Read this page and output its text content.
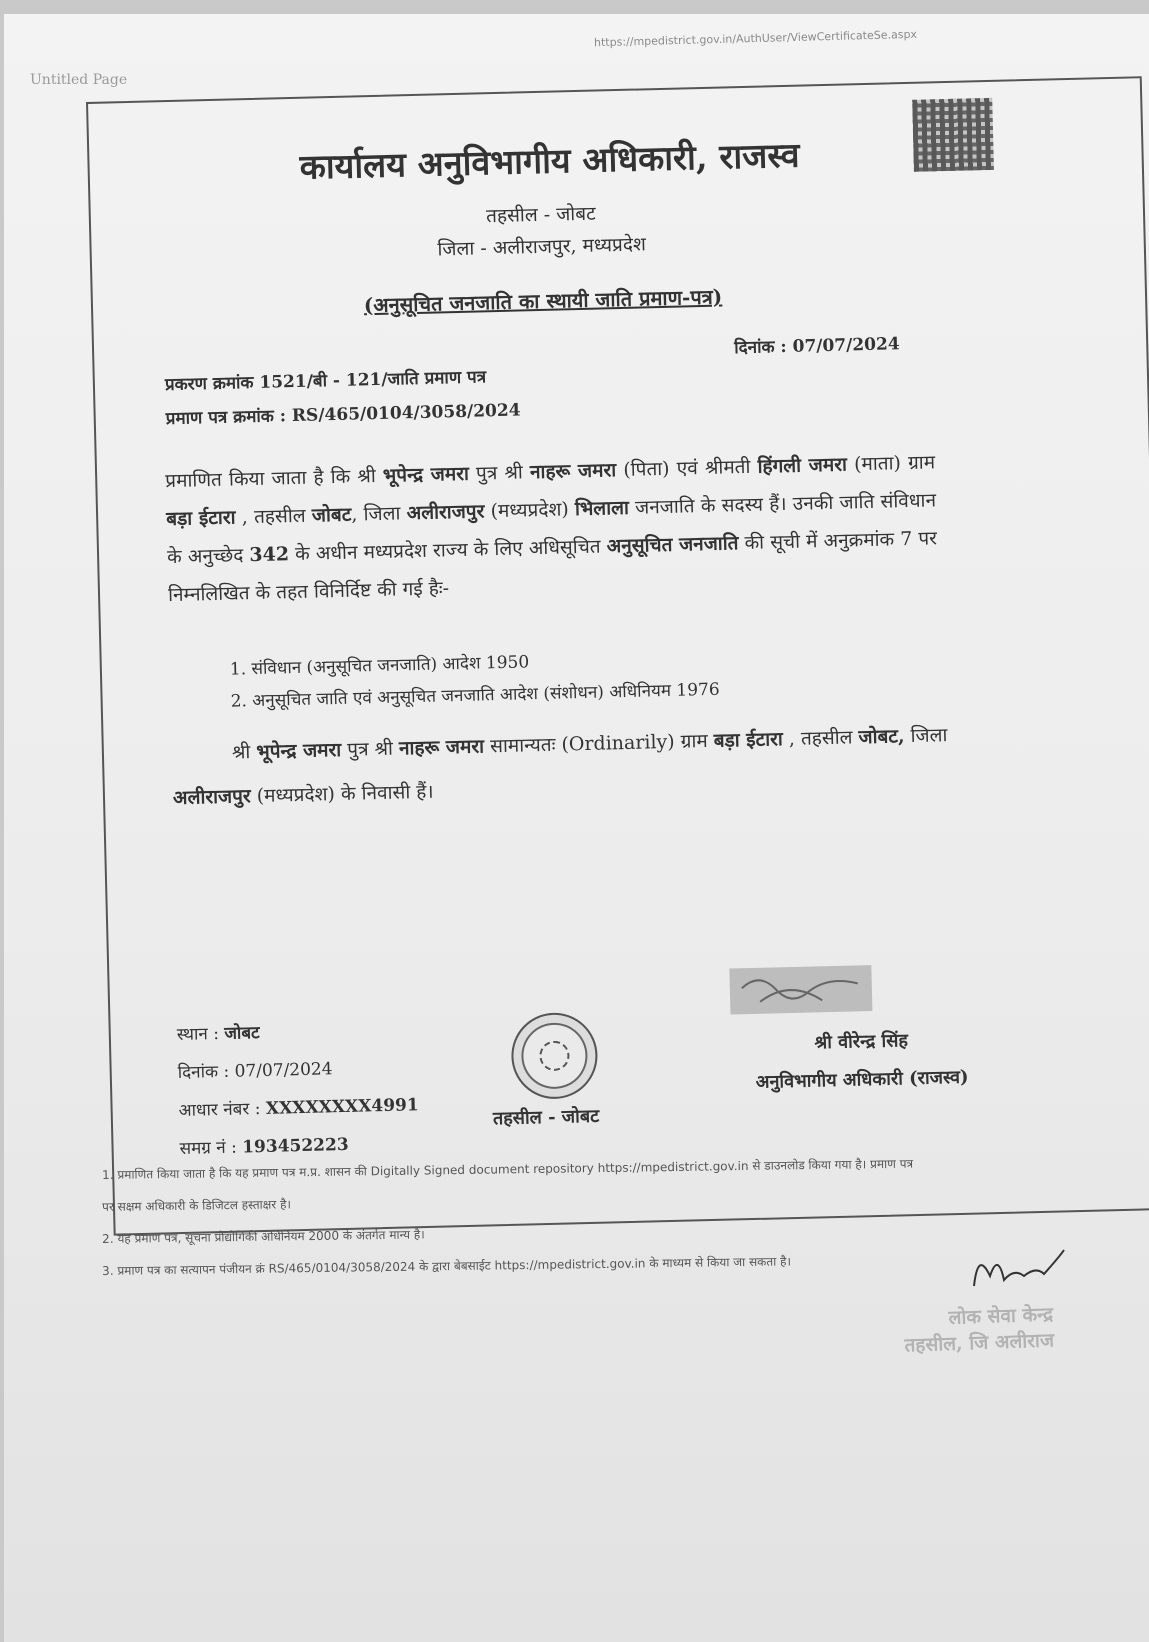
https://mpedistrict.gov.in/AuthUser/ViewCertificateSe.aspx
Untitled Page
कार्यालय अनुविभागीय अधिकारी, राजस्व
तहसील - जोबट
जिला - अलीराजपुर, मध्यप्रदेश
(अनुसूचित जनजाति का स्थायी जाति प्रमाण-पत्र)
दिनांक : 07/07/2024
प्रकरण क्रमांक 1521/बी - 121/जाति प्रमाण पत्र
प्रमाण पत्र क्रमांक : RS/465/0104/3058/2024
प्रमाणित किया जाता है कि श्री भूपेन्द्र जमरा पुत्र श्री नाहरू जमरा (पिता) एवं श्रीमती हिंगली जमरा (माता) ग्राम बड़ा ईटारा , तहसील जोबट, जिला अलीराजपुर (मध्यप्रदेश) भिलाला जनजाति के सदस्य हैं। उनकी जाति संविधान के अनुच्छेद 342 के अधीन मध्यप्रदेश राज्य के लिए अधिसूचित अनुसूचित जनजाति की सूची में अनुक्रमांक 7 पर निम्नलिखित के तहत विनिर्दिष्ट की गई हैः-
1. संविधान (अनुसूचित जनजाति) आदेश 1950
2. अनुसूचित जाति एवं अनुसूचित जनजाति आदेश (संशोधन) अधिनियम 1976
श्री भूपेन्द्र जमरा पुत्र श्री नाहरू जमरा सामान्यतः (Ordinarily) ग्राम बड़ा ईटारा , तहसील जोबट, जिला अलीराजपुर (मध्यप्रदेश) के निवासी हैं।
स्थान : जोबट
दिनांक : 07/07/2024
आधार नंबर : XXXXXXXX4991
समग्र नं : 193452223
तहसील - जोबट
श्री वीरेन्द्र सिंह
अनुविभागीय अधिकारी (राजस्व)
1. प्रमाणित किया जाता है कि यह प्रमाण पत्र म.प्र. शासन की Digitally Signed document repository https://mpedistrict.gov.in से डाउनलोड किया गया है। प्रमाण पत्र
पर सक्षम अधिकारी के डिजिटल हस्ताक्षर है।
2. यह प्रमाण पत्र, सूचना प्रौद्योगिकी अधिनियम 2000 के अंतर्गत मान्य है।
3. प्रमाण पत्र का सत्यापन पंजीयन क्रं RS/465/0104/3058/2024 के द्वारा बेबसाईट https://mpedistrict.gov.in के माध्यम से किया जा सकता है।
लोक सेवा केन्द्र
तहसील, जि अलीराज
